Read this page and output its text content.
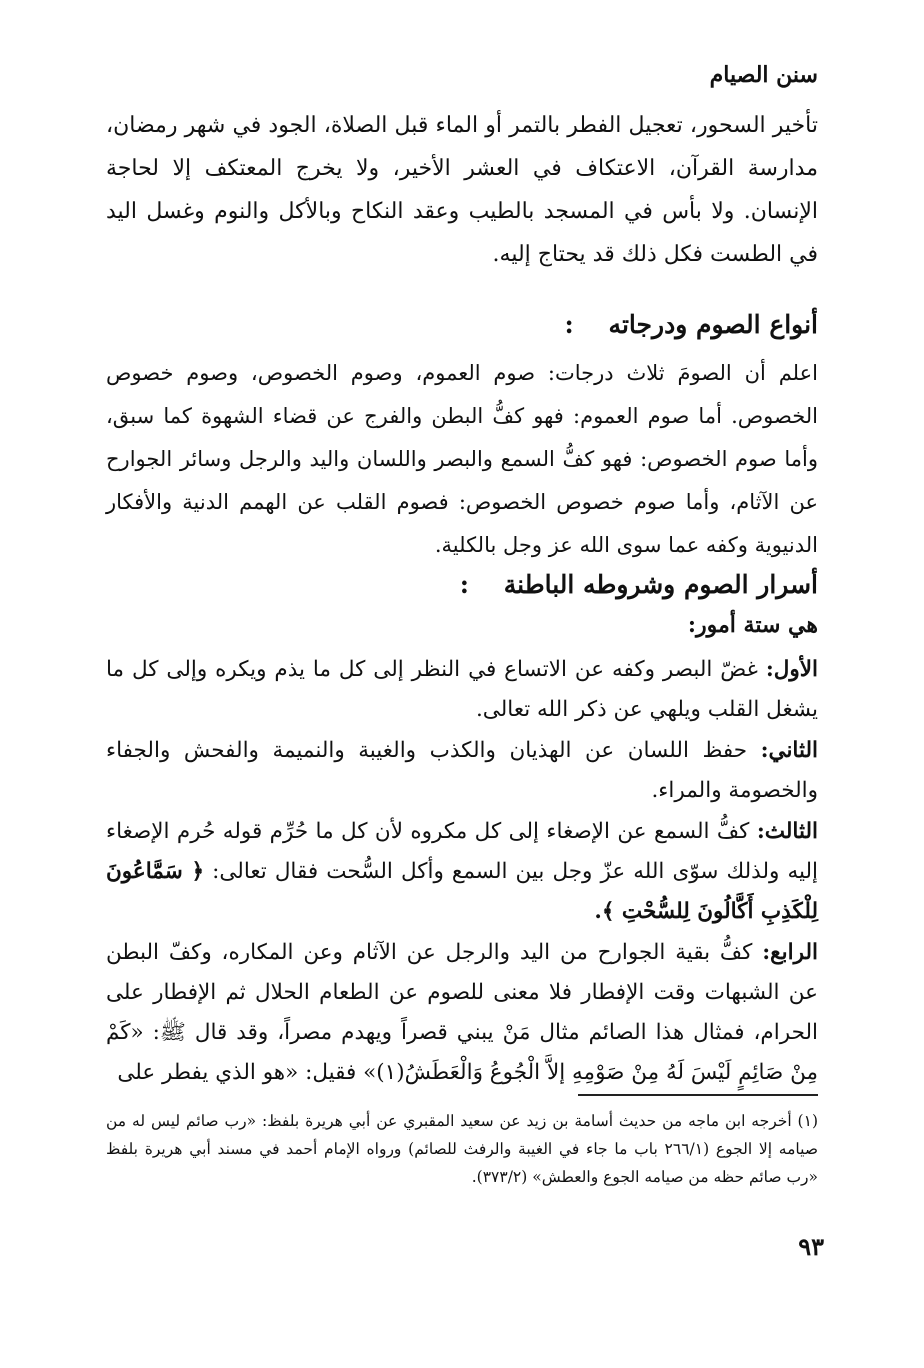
سنن الصيام
تأخير السحور، تعجيل الفطر بالتمر أو الماء قبل الصلاة، الجود في شهر رمضان، مدارسة القرآن، الاعتكاف في العشر الأخير، ولا يخرج المعتكف إلا لحاجة الإنسان. ولا بأس في المسجد بالطيب وعقد النكاح وبالأكل والنوم وغسل اليد في الطست فكل ذلك قد يحتاج إليه.
أنواع الصوم ودرجاته    :
اعلم أن الصومَ ثلاث درجات: صوم العموم، وصوم الخصوص، وصوم خصوص الخصوص. أما صوم العموم: فهو كفُّ البطن والفرج عن قضاء الشهوة كما سبق، وأما صوم الخصوص: فهو كفُّ السمع والبصر واللسان واليد والرجل وسائر الجوارح عن الآثام، وأما صوم خصوص الخصوص: فصوم القلب عن الهمم الدنية والأفكار الدنيوية وكفه عما سوى الله عز وجل بالكلية.
أسرار الصوم وشروطه الباطنة    :
هي ستة أمور:
الأول: غضّ البصر وكفه عن الاتساع في النظر إلى كل ما يذم ويكره وإلى كل ما يشغل القلب ويلهي عن ذكر الله تعالى.
الثاني: حفظ اللسان عن الهذيان والكذب والغيبة والنميمة والفحش والجفاء والخصومة والمراء.
الثالث: كفُّ السمع عن الإصغاء إلى كل مكروه لأن كل ما حُرِّم قوله حُرم الإصغاء إليه ولذلك سوّى الله عزّ وجل بين السمع وأكل السُّحت فقال تعالى: ﴿ سَمَّاعُونَ لِلْكَذِبِ أَكَّالُونَ لِلسُّحْتِ ﴾.
الرابع: كفُّ بقية الجوارح من اليد والرجل عن الآثام وعن المكاره، وكفّ البطن عن الشبهات وقت الإفطار فلا معنى للصوم عن الطعام الحلال ثم الإفطار على الحرام، فمثال هذا الصائم مثال مَنْ يبني قصراً ويهدم مصراً، وقد قال ﷺ: «كَمْ مِنْ صَائِمٍ لَيْسَ لَهُ مِنْ صَوْمِهِ إلاَّ الْجُوعُ وَالْعَطَشُ(١)» فقيل: «هو الذي يفطر على
(١) أخرجه ابن ماجه من حديث أسامة بن زيد عن سعيد المقبري عن أبي هريرة بلفظ: «رب صائم ليس له من صيامه إلا الجوع (٢٦٦/١ باب ما جاء في الغيبة والرفث للصائم) ورواه الإمام أحمد في مسند أبي هريرة بلفظ «رب صائم حظه من صيامه الجوع والعطش» (٣٧٣/٢).
٩٣
